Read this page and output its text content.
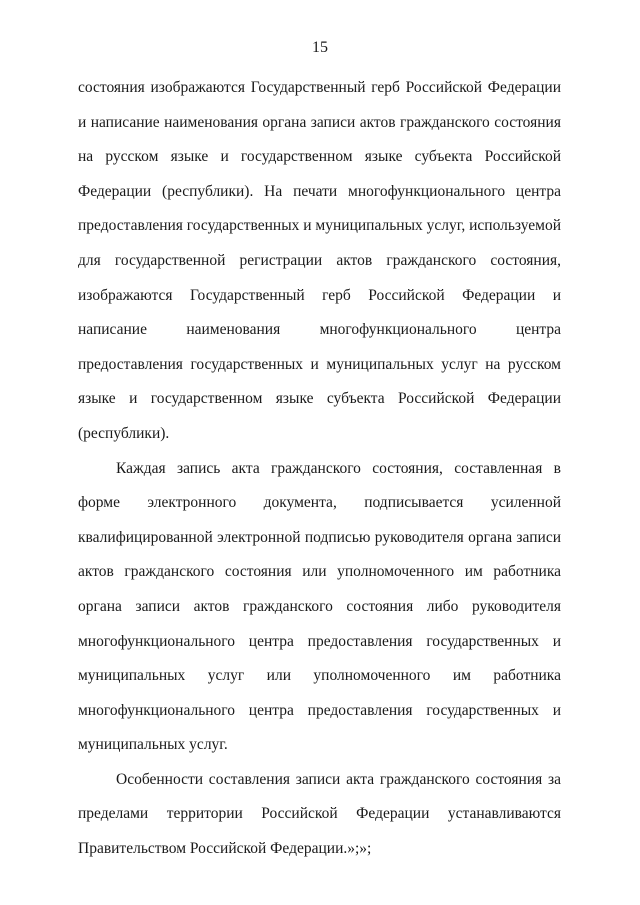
15

состояния изображаются Государственный герб Российской Федерации и написание наименования органа записи актов гражданского состояния на русском языке и государственном языке субъекта Российской Федерации (республики). На печати многофункционального центра предоставления государственных и муниципальных услуг, используемой для государственной регистрации актов гражданского состояния, изображаются Государственный герб Российской Федерации и написание наименования многофункционального центра предоставления государственных и муниципальных услуг на русском языке и государственном языке субъекта Российской Федерации (республики).

Каждая запись акта гражданского состояния, составленная в форме электронного документа, подписывается усиленной квалифицированной электронной подписью руководителя органа записи актов гражданского состояния или уполномоченного им работника органа записи актов гражданского состояния либо руководителя многофункционального центра предоставления государственных и муниципальных услуг или уполномоченного им работника многофункционального центра предоставления государственных и муниципальных услуг.

Особенности составления записи акта гражданского состояния за пределами территории Российской Федерации устанавливаются Правительством Российской Федерации.»;»;
